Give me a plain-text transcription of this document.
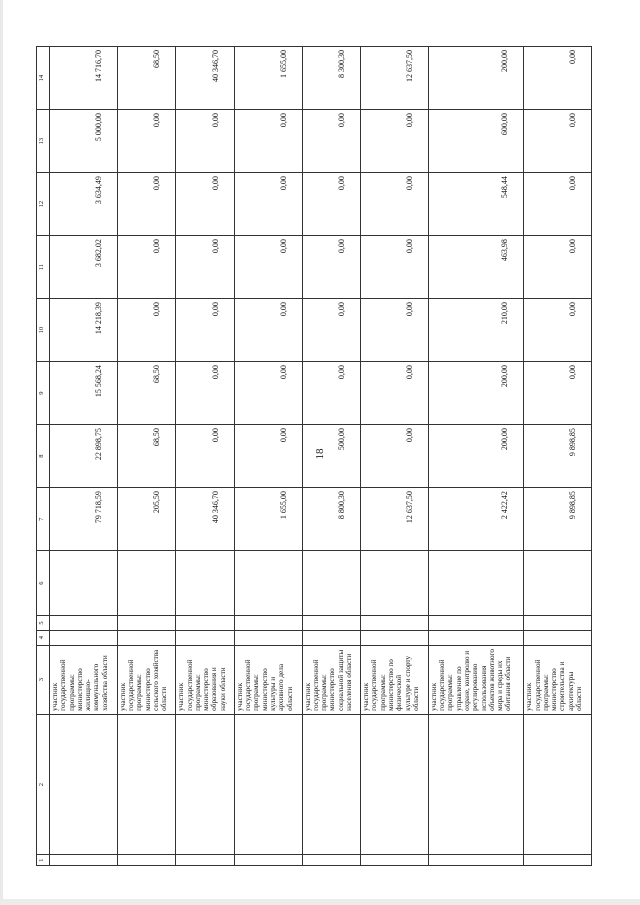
18
1	2	3	4	5	6	7	8	9	10	11	12	13	14
		участник государственной программы: министерство жилищно-коммунального хозяйства области				79 718,59	22 898,75	15 568,24	14 218,39	3 682,02	3 634,49	5 000,00	14 716,70
		участник государственной программы: министерство сельского хозяйства области				205,50	68,50	68,50	0,00	0,00	0,00	0,00	68,50
		участник государственной программы: министерство образования и науки области				40 346,70	0,00	0,00	0,00	0,00	0,00	0,00	40 346,70
		участник государственной программы: министерство культуры и архивного дела области				1 655,00	0,00	0,00	0,00	0,00	0,00	0,00	1 655,00
		участник государственной программы: министерство социальной защиты населения области				8 800,30	500,00	0,00	0,00	0,00	0,00	0,00	8 300,30
		участник государственной программы: министерство по физической культуре и спорту области				12 637,50	0,00	0,00	0,00	0,00	0,00	0,00	12 637,50
		участник государственной программы: управление по охране, контролю и регулированию использования объектов животного мира и среды их обитания области				2 422,42	200,00	200,00	210,00	463,98	548,44	600,00	200,00
		участник государственной программы: министерство строительства и архитектуры области				9 898,85	9 898,85	0,00	0,00	0,00	0,00	0,00	0,00
